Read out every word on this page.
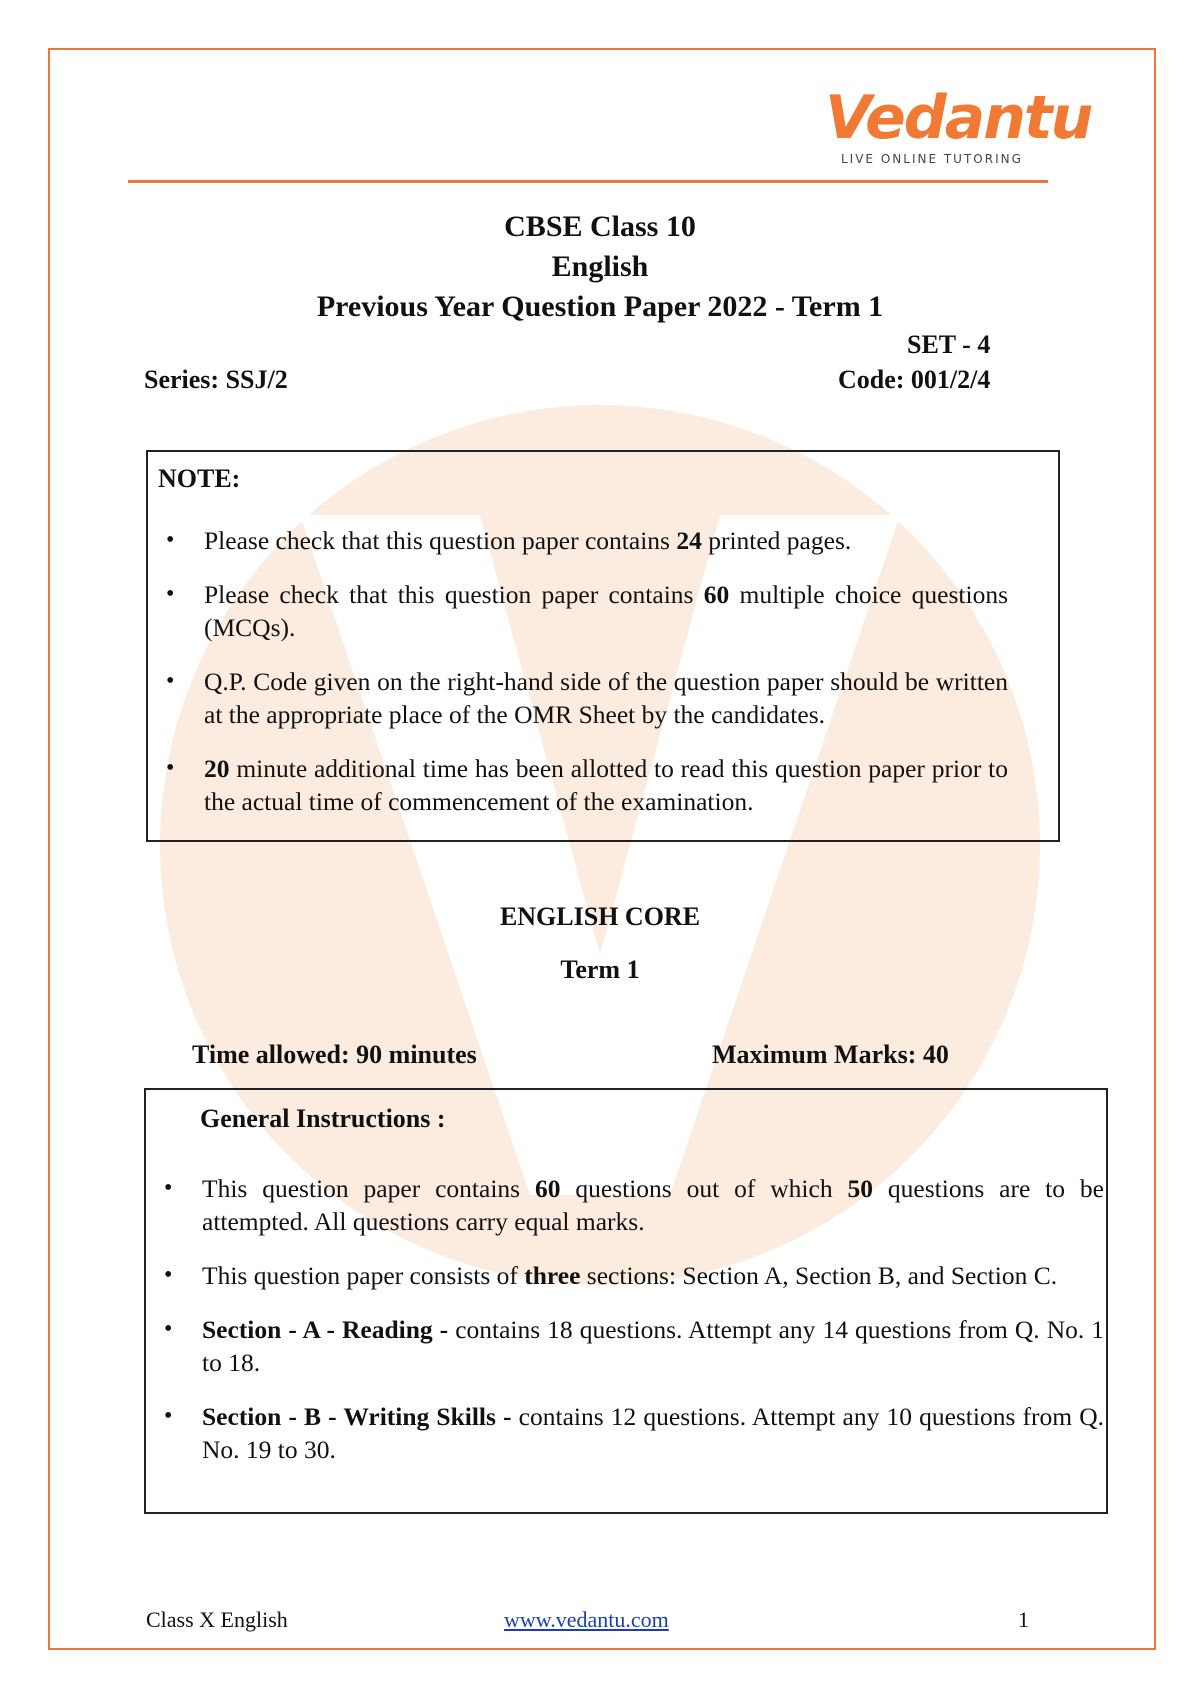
Vedantu
LIVE ONLINE TUTORING
CBSE Class 10
English
Previous Year Question Paper 2022 - Term 1
SET - 4
Series: SSJ/2	Code: 001/2/4
NOTE:
• Please check that this question paper contains 24 printed pages.
• Please check that this question paper contains 60 multiple choice questions (MCQs).
• Q.P. Code given on the right-hand side of the question paper should be written at the appropriate place of the OMR Sheet by the candidates.
• 20 minute additional time has been allotted to read this question paper prior to the actual time of commencement of the examination.
ENGLISH CORE
Term 1
Time allowed: 90 minutes	Maximum Marks: 40
General Instructions :
• This question paper contains 60 questions out of which 50 questions are to be attempted. All questions carry equal marks.
• This question paper consists of three sections: Section A, Section B, and Section C.
• Section - A - Reading - contains 18 questions. Attempt any 14 questions from Q. No. 1 to 18.
• Section - B - Writing Skills - contains 12 questions. Attempt any 10 questions from Q. No. 19 to 30.
Class X English	www.vedantu.com	1
